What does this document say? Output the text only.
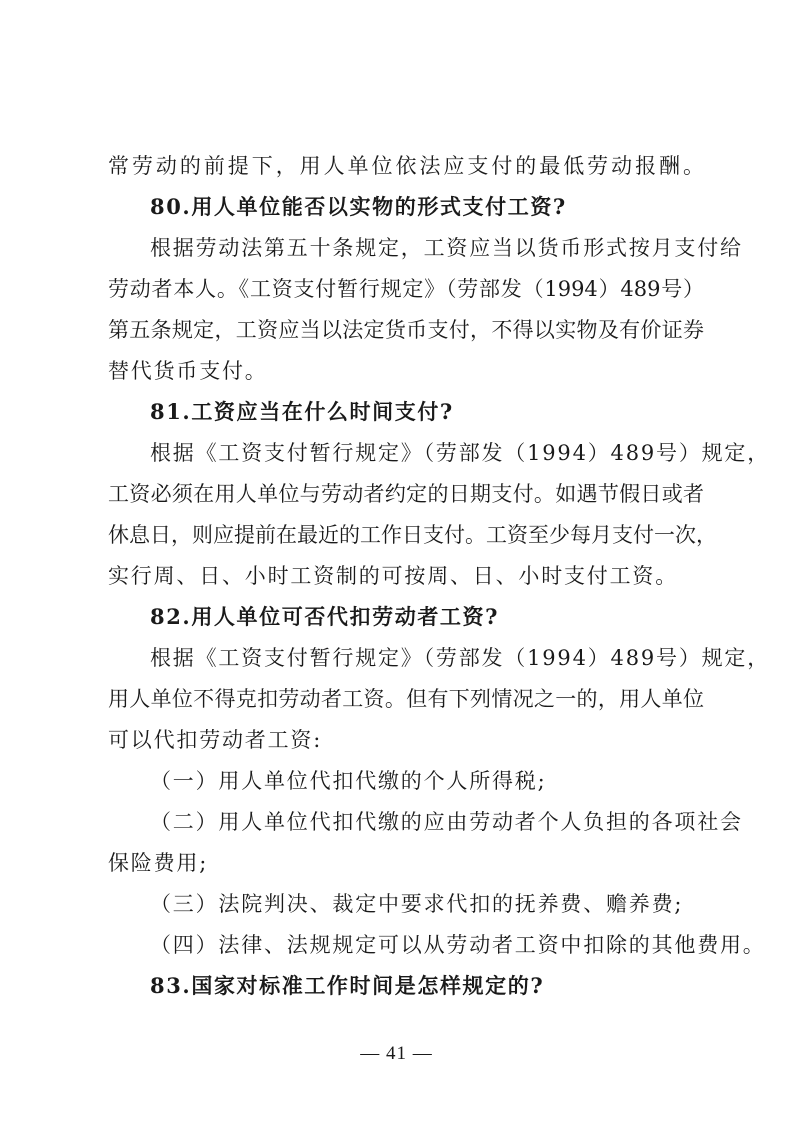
常劳动的前提下，用人单位依法应支付的最低劳动报酬。
80.用人单位能否以实物的形式支付工资?
根据劳动法第五十条规定，工资应当以货币形式按月支付给
劳动者本人。《工资支付暂行规定》（劳部发（1994）489号）
第五条规定，工资应当以法定货币支付，不得以实物及有价证券
替代货币支付。
81.工资应当在什么时间支付?
根据《工资支付暂行规定》（劳部发（1994）489号）规定，
工资必须在用人单位与劳动者约定的日期支付。如遇节假日或者
休息日，则应提前在最近的工作日支付。工资至少每月支付一次，
实行周、日、小时工资制的可按周、日、小时支付工资。
82.用人单位可否代扣劳动者工资?
根据《工资支付暂行规定》（劳部发（1994）489号）规定，
用人单位不得克扣劳动者工资。但有下列情况之一的，用人单位
可以代扣劳动者工资:
（一）用人单位代扣代缴的个人所得税;
（二）用人单位代扣代缴的应由劳动者个人负担的各项社会
保险费用;
（三）法院判决、裁定中要求代扣的抚养费、赡养费;
（四）法律、法规规定可以从劳动者工资中扣除的其他费用。
83.国家对标准工作时间是怎样规定的?
— 41 —
